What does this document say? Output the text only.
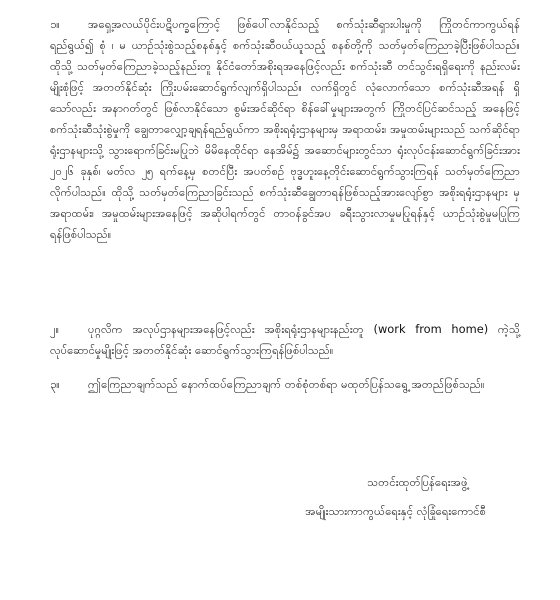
၁။ အရှေ့အလယ်ပိုင်းပဋိပက္ခကြောင့် ဖြစ်ပေါ်လာနိုင်သည့် စက်သုံးဆီရှားပါးမှုကို ကြိုတင်ကာကွယ်ရန်ရည်ရွယ်၍ စုံ ၊ မ ယာဉ်သုံးစွဲသည့်စနစ်နှင့် စက်သုံးဆီဝယ်ယူသည့် စနစ်တို့ကို သတ်မှတ်ကြေညာခဲ့ပြီးဖြစ်ပါသည်။ ထိုသို့ သတ်မှတ်ကြေညာခဲ့သည့်နည်းတူ နိုင်ငံတော်အစိုးရအနေဖြင့်လည်း စက်သုံးဆီ တင်သွင်းရရှိရေးကို နည်းလမ်းမျိုးစုံဖြင့် အတတ်နိုင်ဆုံး ကြိုးပမ်းဆောင်ရွက်လျက်ရှိပါသည်။ လက်ရှိတွင် လုံလောက်သော စက်သုံးဆီအရန် ရှိသော်လည်း အနာဂတ်တွင် ဖြစ်လာနိုင်သော စွမ်းအင်ဆိုင်ရာ စိန်ခေါ်မှုများအတွက် ကြိုတင်ပြင်ဆင်သည့် အနေဖြင့် စက်သုံးဆီသုံးစွဲမှုကို ချွေတာလျှော့ချရန်ရည်ရွယ်ကာ အစိုးရရုံးဌာနများမှ အရာထမ်း၊ အမှုထမ်းများသည် သက်ဆိုင်ရာရုံးဌာနများသို့ သွားရောက်ခြင်းမပြုဘဲ မိမိနေထိုင်ရာ နေအိမ်၌ အဆောင်များတွင်သာ ရုံးလုပ်ငန်းဆောင်ရွက်ခြင်းအား ၂၀၂၆ ခုနှစ်၊ မတ်လ ၂၅ ရက်နေ့မှ စတင်ပြီး အပတ်စဉ် ဗုဒ္ဓဟူးနေ့တိုင်းဆောင်ရွက်သွားကြရန် သတ်မှတ်ကြေညာလိုက်ပါသည်။ ထိုသို့ သတ်မှတ်ကြေညာခြင်းသည် စက်သုံးဆီချွေတာရန်ဖြစ်သည့်အားလျော်စွာ အစိုးရရုံးဌာနများ မှ အရာထမ်း၊ အမှုထမ်းများအနေဖြင့် အဆိုပါရက်တွင် တာဝန်ခွင်အပ ခရီးသွားလာမှုမပြုရန်နှင့် ယာဉ်သုံးစွဲမှုမပြုကြရန်ဖြစ်ပါသည်။

၂။	ပုဂ္ဂလိက အလုပ်ဌာနများအနေဖြင့်လည်း အစိုးရရုံးဌာနများနည်းတူ (work from home) ကဲ့သို့ လုပ်ဆောင်မှုမျိုးဖြင့် အတတ်နိုင်ဆုံး ဆောင်ရွက်သွားကြရန်ဖြစ်ပါသည်။

၃။ ဤကြေညာချက်သည် နောက်ထပ်ကြေညာချက် တစ်စုံတစ်ရာ မထုတ်ပြန်သရွေ့ အတည်ဖြစ်သည်။

သတင်းထုတ်ပြန်ရေးအဖွဲ့
အမျိုးသားကာကွယ်ရေးနှင့် လုံခြုံရေးကောင်စီ
